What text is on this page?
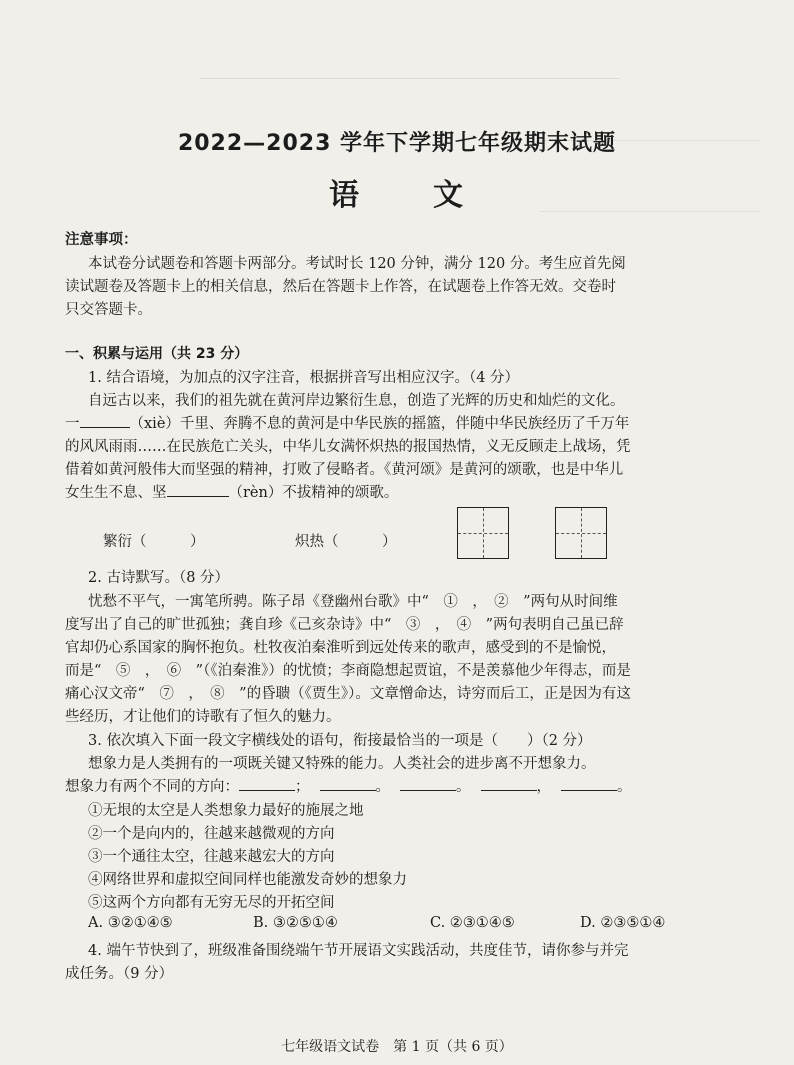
2022—2023 学年下学期七年级期末试题
语 文
注意事项：
本试卷分试题卷和答题卡两部分。考试时长 120 分钟，满分 120 分。考生应首先阅
读试题卷及答题卡上的相关信息，然后在答题卡上作答，在试题卷上作答无效。交卷时
只交答题卡。
一、积累与运用（共 23 分）
1. 结合语境，为加点的汉字注音，根据拼音写出相应汉字。（4 分）
自远古以来，我们的祖先就在黄河岸边繁衍生息，创造了光辉的历史和灿烂的文化。
一	（xiè）千里、奔腾不息的黄河是中华民族的摇篮，伴随中华民族经历了千万年
的风风雨雨……在民族危亡关头，中华儿女满怀炽热的报国热情，义无反顾走上战场，凭
借着如黄河般伟大而坚强的精神，打败了侵略者。《黄河颂》是黄河的颂歌，也是中华儿
女生生不息、坚	（rèn）不拔精神的颂歌。
繁衍（　　　）	炽热（　　　）
2. 古诗默写。（8 分）
忧愁不平气，一寓笔所骋。陈子昂《登幽州台歌》中“　①　，　②　”两句从时间维
度写出了自己的旷世孤独；龚自珍《己亥杂诗》中“　③　，　④　”两句表明自己虽已辞
官却仍心系国家的胸怀抱负。杜牧夜泊秦淮听到远处传来的歌声，感受到的不是愉悦，
而是“　⑤　，　⑥　”（《泊秦淮》）的忧愤；李商隐想起贾谊，不是羡慕他少年得志，而是
痛心汉文帝“　⑦　，　⑧　”的昏聩（《贾生》）。文章憎命达，诗穷而后工，正是因为有这
些经历，才让他们的诗歌有了恒久的魅力。
3. 依次填入下面一段文字横线处的语句，衔接最恰当的一项是（　　）（2 分）
想象力是人类拥有的一项既关键又特殊的能力。人类社会的进步离不开想象力。
想象力有两个不同的方向：	；	。	。	，	。
①无垠的太空是人类想象力最好的施展之地
②一个是向内的，往越来越微观的方向
③一个通往太空，往越来越宏大的方向
④网络世界和虚拟空间同样也能激发奇妙的想象力
⑤这两个方向都有无穷无尽的开拓空间
A. ③②①④⑤	B. ③②⑤①④	C. ②③①④⑤	D. ②③⑤①④
4. 端午节快到了，班级准备围绕端午节开展语文实践活动，共度佳节，请你参与并完
成任务。（9 分）
七年级语文试卷　第 1 页（共 6 页）
